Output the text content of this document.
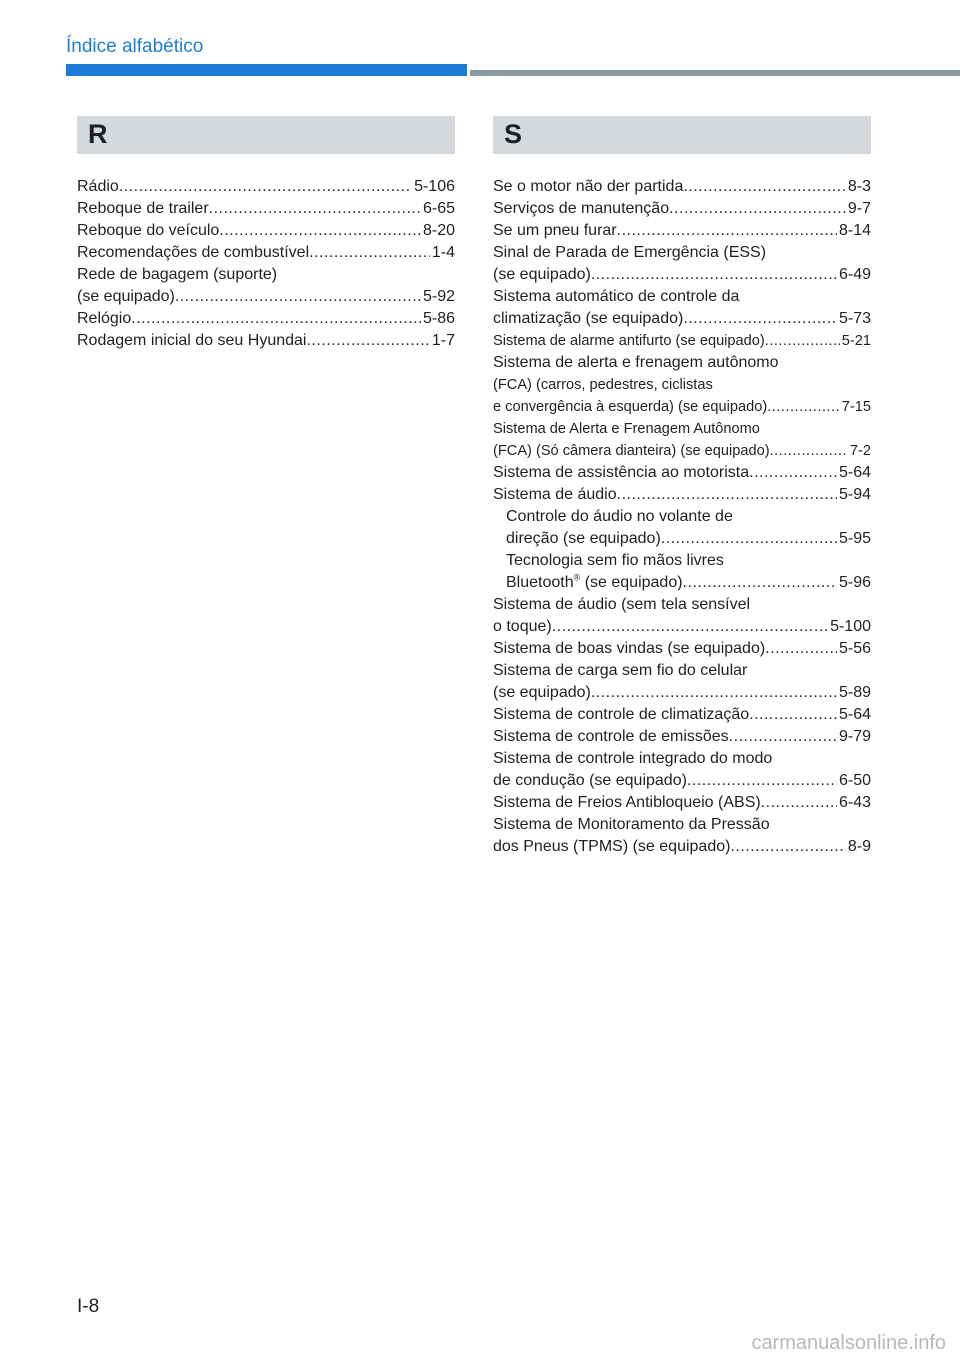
Índice alfabético
R
Rádio .....	5-106
Reboque de trailer .....	6-65
Reboque do veículo .....	8-20
Recomendações de combustível .....	1-4
Rede de bagagem (suporte)
(se equipado) .....	5-92
Relógio .....	5-86
Rodagem inicial do seu Hyundai .....	1-7
S
Se o motor não der partida .....	8-3
Serviços de manutenção .....	9-7
Se um pneu furar .....	8-14
Sinal de Parada de Emergência (ESS)
(se equipado) .....	6-49
Sistema automático de controle da
climatização (se equipado) .....	5-73
Sistema de alarme antifurto (se equipado) .....	5-21
Sistema de alerta e frenagem autônomo
(FCA) (carros, pedestres, ciclistas
e convergência à esquerda) (se equipado) .....	7-15
Sistema de Alerta e Frenagem Autônomo
(FCA) (Só câmera dianteira) (se equipado) .....	7-2
Sistema de assistência ao motorista .....	5-64
Sistema de áudio .....	5-94
Controle do áudio no volante de
direção (se equipado) .....	5-95
Tecnologia sem fio mãos livres
Bluetooth® (se equipado) .....	5-96
Sistema de áudio (sem tela sensível
o toque) .....	5-100
Sistema de boas vindas (se equipado) .....	5-56
Sistema de carga sem fio do celular
(se equipado) .....	5-89
Sistema de controle de climatização .....	5-64
Sistema de controle de emissões .....	9-79
Sistema de controle integrado do modo
de condução (se equipado) .....	6-50
Sistema de Freios Antibloqueio (ABS) .....	6-43
Sistema de Monitoramento da Pressão
dos Pneus (TPMS) (se equipado) .....	8-9
I-8
carmanualsonline.info
